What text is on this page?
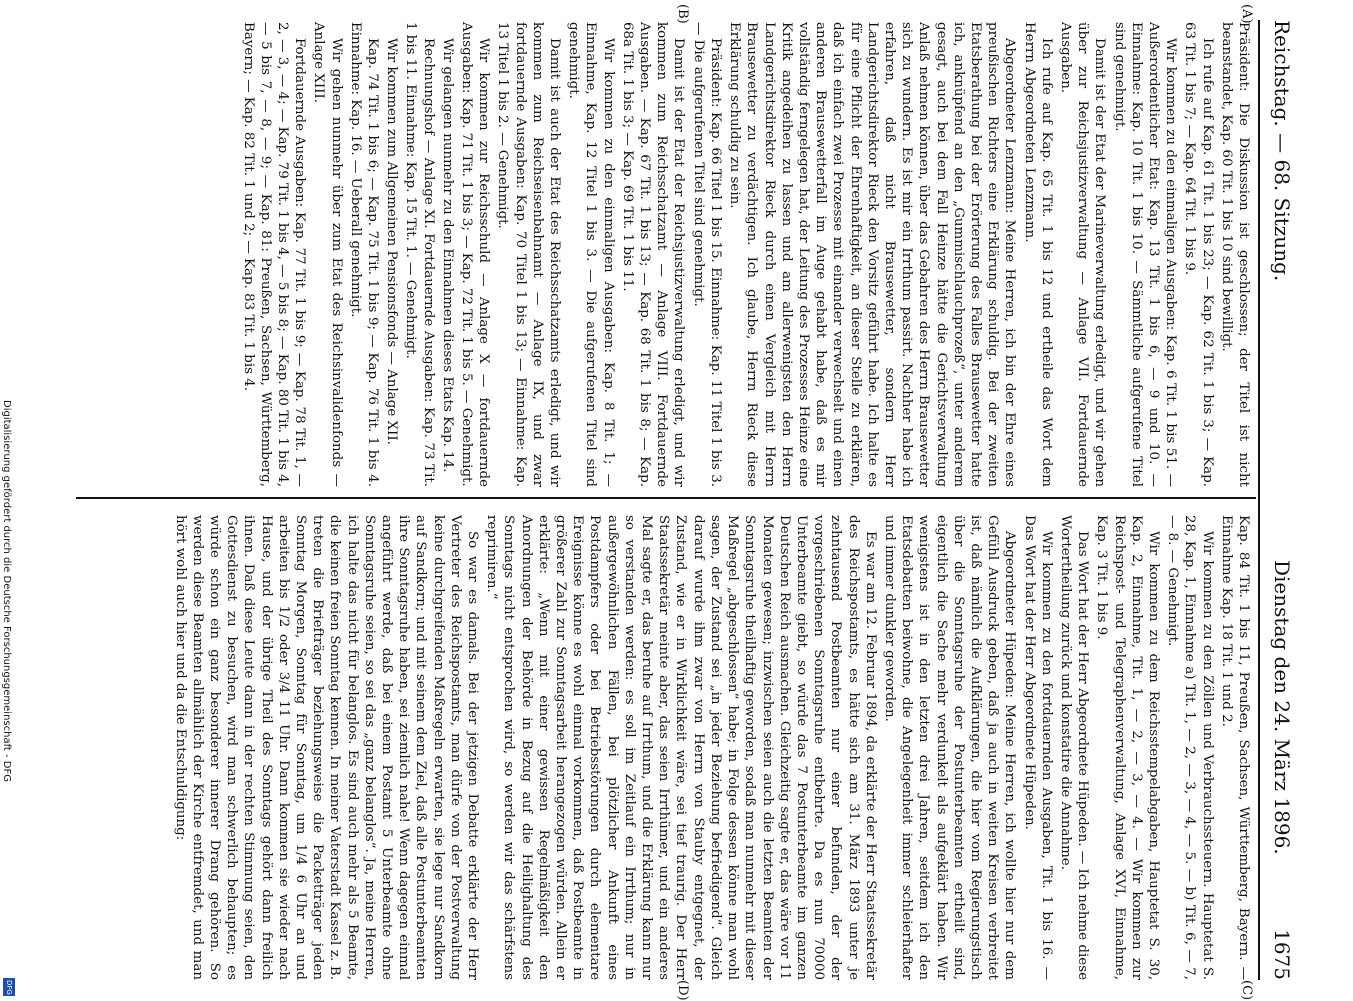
Reichstag. — 68. Sitzung.
Dienstag den 24. März 1896.
1675
(A)
(B)
(C)
(D)

Präsident: Die Diskussion ist geschlossen; der Titel ist nicht beanstandet, Kap. 60 Tit. 1 bis 10 sind bewilligt.

Ich rufe auf Kap. 61 Tit. 1 bis 23; — Kap. 62 Tit. 1 bis 3; — Kap. 63 Tit. 1 bis 7; — Kap. 64 Tit. 1 bis 9.

Wir kommen zu den einmaligen Ausgaben: Kap. 6 Tit. 1 bis 51. — Außerordentlicher Etat: Kap. 13 Tit. 1 bis 6, — 9 und 10. — Einnahme: Kap. 10 Tit. 1 bis 10. — Sämmtliche aufgerufene Titel sind genehmigt.

Damit ist der Etat der Marineverwaltung erledigt, und wir gehen über zur Reichsjustizverwaltung — Anlage VII. Fortdauernde Ausgaben.

Ich rufe auf Kap. 65 Tit. 1 bis 12 und ertheile das Wort dem Herrn Abgeordneten Lenzmann.

Abgeordneter Lenzmann: Meine Herren, ich bin der Ehre eines preußischen Richters eine Erklärung schuldig. Bei der zweiten Etatsberathung bei der Erörterung des Falles Brausewetter hatte ich, anknüpfend an den „Gummischlauchprozeß“, unter anderem gesagt, auch bei dem Fall Heinze hätte die Gerichtsverwaltung Anlaß nehmen können, über das Gebahren des Herrn Brausewetter sich zu wundern. Es ist mir ein Irrthum passirt. Nachher habe ich erfahren, daß nicht Brausewetter, sondern Herr Landgerichtsdirektor Rieck den Vorsitz geführt habe. Ich halte es für eine Pflicht der Ehrenhaftigkeit, an dieser Stelle zu erklären, daß ich einfach zwei Prozesse mit einander verwechselt und einen anderen Brausewetterfall im Auge gehabt habe, daß es mir vollständig ferngelegen hat, der Leitung des Prozesses Heinze eine Kritik angedeihen zu lassen und am allerwenigsten den Herrn Landgerichtsdirektor Rieck durch einen Vergleich mit Herrn Brausewetter zu verdächtigen. Ich glaube, Herrn Rieck diese Erklärung schuldig zu sein.

Präsident: Kap. 66 Titel 1 bis 15. Einnahme: Kap. 11 Titel 1 bis 3. — Die aufgerufenen Titel sind genehmigt.

Damit ist der Etat der Reichsjustizverwaltung erledigt, und wir kommen zum Reichsschatzamt — Anlage VIII. Fortdauernde Ausgaben. — Kap. 67 Tit. 1 bis 13; — Kap. 68 Tit. 1 bis 8; — Kap. 68a Tit. 1 bis 3; — Kap. 69 Tit. 1 bis 11.

Wir kommen zu den einmaligen Ausgaben: Kap. 8 Tit. 1; — Einnahme, Kap. 12 Titel 1 bis 3. — Die aufgerufenen Titel sind genehmigt.

Damit ist auch der Etat des Reichsschatzamts erledigt, und wir kommen zum Reichseisenbahnamt — Anlage IX, und zwar fortdauernde Ausgaben: Kap. 70 Titel 1 bis 13; — Einnahme: Kap. 13 Titel 1 bis 2. — Genehmigt.

Wir kommen zur Reichsschuld — Anlage X — fortdauernde Ausgaben: Kap. 71 Tit. 1 bis 3; — Kap. 72 Tit. 1 bis 5. — Genehmigt.

Wir gelangen nunmehr zu den Einnahmen dieses Etats Kap. 14.

Rechnungshof — Anlage XI. Fortdauernde Ausgaben: Kap. 73 Tit. 1 bis 11. Einnahme: Kap. 15 Tit. 1. — Genehmigt.

Wir kommen zum Allgemeinen Pensionsfonds — Anlage XII.

Kap. 74 Tit. 1 bis 6; — Kap. 75 Tit. 1 bis 9; — Kap. 76 Tit. 1 bis 4. Einnahme: Kap. 16. — Ueberall genehmigt.

Wir gehen nunmehr über zum Etat des Reichsinvalidenfonds — Anlage XIII.

Fortdauernde Ausgaben: Kap. 77 Tit. 1 bis 9; — Kap. 78 Tit. 1, — 2, — 3, — 4; — Kap. 79 Tit. 1 bis 4, — 5 bis 8; — Kap. 80 Tit. 1 bis 4, — 5 bis 7, — 8, — 9; — Kap. 81: Preußen, Sachsen, Württemberg, Bayern; — Kap. 82 Tit. 1 und 2; — Kap. 83 Tit. 1 bis 4.

Kap. 84 Tit. 1 bis 11, Preußen, Sachsen, Württemberg, Bayern. — Einnahme Kap. 18 Tit. 1 und 2.

Wir kommen zu den Zöllen und Verbrauchssteuern. Hauptetat S. 28, Kap. 1, Einnahme a) Tit. 1, — 2, — 3, — 4, — 5. — b) Tit. 6, — 7, — 8. — Genehmigt.

Wir kommen zu dem Reichsstempelabgaben, Hauptetat S. 30, Kap. 2, Einnahme, Tit. 1, — 2, — 3, — 4. — Wir kommen zur Reichspost- und Telegraphenverwaltung, Anlage XVI, Einnahme, Kap. 3 Tit. 1 bis 9.

Das Wort hat der Herr Abgeordnete Hüpeden. — Ich nehme diese Wortertheilung zurück und konstatire die Annahme.

Wir kommen zu den fortdauernden Ausgaben, Tit. 1 bis 16. — Das Wort hat der Herr Abgeordnete Hüpeden.

Abgeordneter Hüpeden: Meine Herren, ich wollte hier nur dem Gefühl Ausdruck geben, daß ja auch in weiten Kreisen verbreitet ist, daß nämlich die Aufklärungen, die hier vom Regierungstisch über die Sonntagsruhe der Postunterbeamten ertheilt sind, eigentlich die Sache mehr verdunkelt als aufgeklärt haben. Wir wenigstens ist in den letzten drei Jahren, seitdem ich den Etatsdebatten beiwohne, die Angelegenheit immer schleierhafter und immer dunkler geworden.

Es war am 12. Februar 1894, da erklärte der Herr Staatssekretär des Reichspostamts, es hätte sich am 31. März 1893 unter je zehntausend Postbeamten nur einer befunden, der der vorgeschriebenen Sonntagsruhe entbehrte. Da es nun 70000 Unterbeamte giebt, so würde das 7 Postunterbeamte im ganzen Deutschen Reich ausmachen. Gleichzeitig sagte er, das wäre vor 11 Monaten gewesen; inzwischen seien auch die letzten Beamten der Sonntagsruhe theilhaftig geworden, sodaß man nunmehr mit dieser Maßregel „abgeschlossen“ habe; in Folge dessen könne man wohl sagen, der Zustand sei „in jeder Beziehung befriedigend“. Gleich darauf wurde ihm zwar von Herrn von Stauby entgegnet, der Zustand, wie er in Wirklichkeit wäre, sei tief traurig. Der Herr Staatssekretär meinte aber, das seien Irrthümer, und ein anderes Mal sagte er, das beruhe auf Irrthum, und die Erklärung kann nur so verstanden werden: es soll im Zeitlauf ein Irrthum; nur in außergewöhnlichen Fällen, bei plötzlicher Ankunft eines Postdampfers oder bei Betriebsstörungen durch elementare Ereignisse könne es wohl einmal vorkommen, daß Postbeamte in größerer Zahl zur Sonntagsarbeit herangezogen würden. Allein er erklärte: „Wenn mit einer gewissen Regelmäßigkeit den Anordnungen der Behörde in Bezug auf die Heilighaltung des Sonntags nicht entsprochen wird, so werden wir das schärfstens reprimiren.“

So war es damals. Bei der jetzigen Debatte erklärte der Herr Vertreter des Reichspostamts, man dürfe von der Postverwaltung keine durchgreifenden Maßregeln erwarten, sie lege nur Sandkorn auf Sandkorn; und mit seinem dem Ziel, daß alle Postunterbeamten ihre Sonntagsruhe haben, sei ziemlich nahe! Wenn dagegen einmal angeführt werde, daß bei einem Postamt 5 Unterbeamte ohne Sonntagsruhe seien, so sei das „ganz belanglos“. Ja, meine Herren, ich halte das nicht für belanglos. Es sind auch mehr als 5 Beamte, die keinen freien Sonntag kennen. In meiner Vaterstadt Kassel z. B. treten die Briefträger beziehungsweise die Packetträger jeden Sonntag Morgen, Sonntag für Sonntag, um 1/4 6 Uhr an und arbeiten bis 1/2 oder 3/4 11 Uhr. Dann kommen sie wieder nach Hause, und der übrige Theil des Sonntags gehört dann freilich ihnen. Daß diese Leute dann in der rechten Stimmung seien, den Gottesdienst zu besuchen, wird man schwerlich behaupten; es würde schon ein ganz besonderer innerer Drang gehören. So werden diese Beamten allmählich der Kirche entfremdet, und man hört wohl auch hier und da die Entschuldigung:

Digitalisierung gefördert durch die Deutsche Forschungsgemeinschaft - DFG
DFG
